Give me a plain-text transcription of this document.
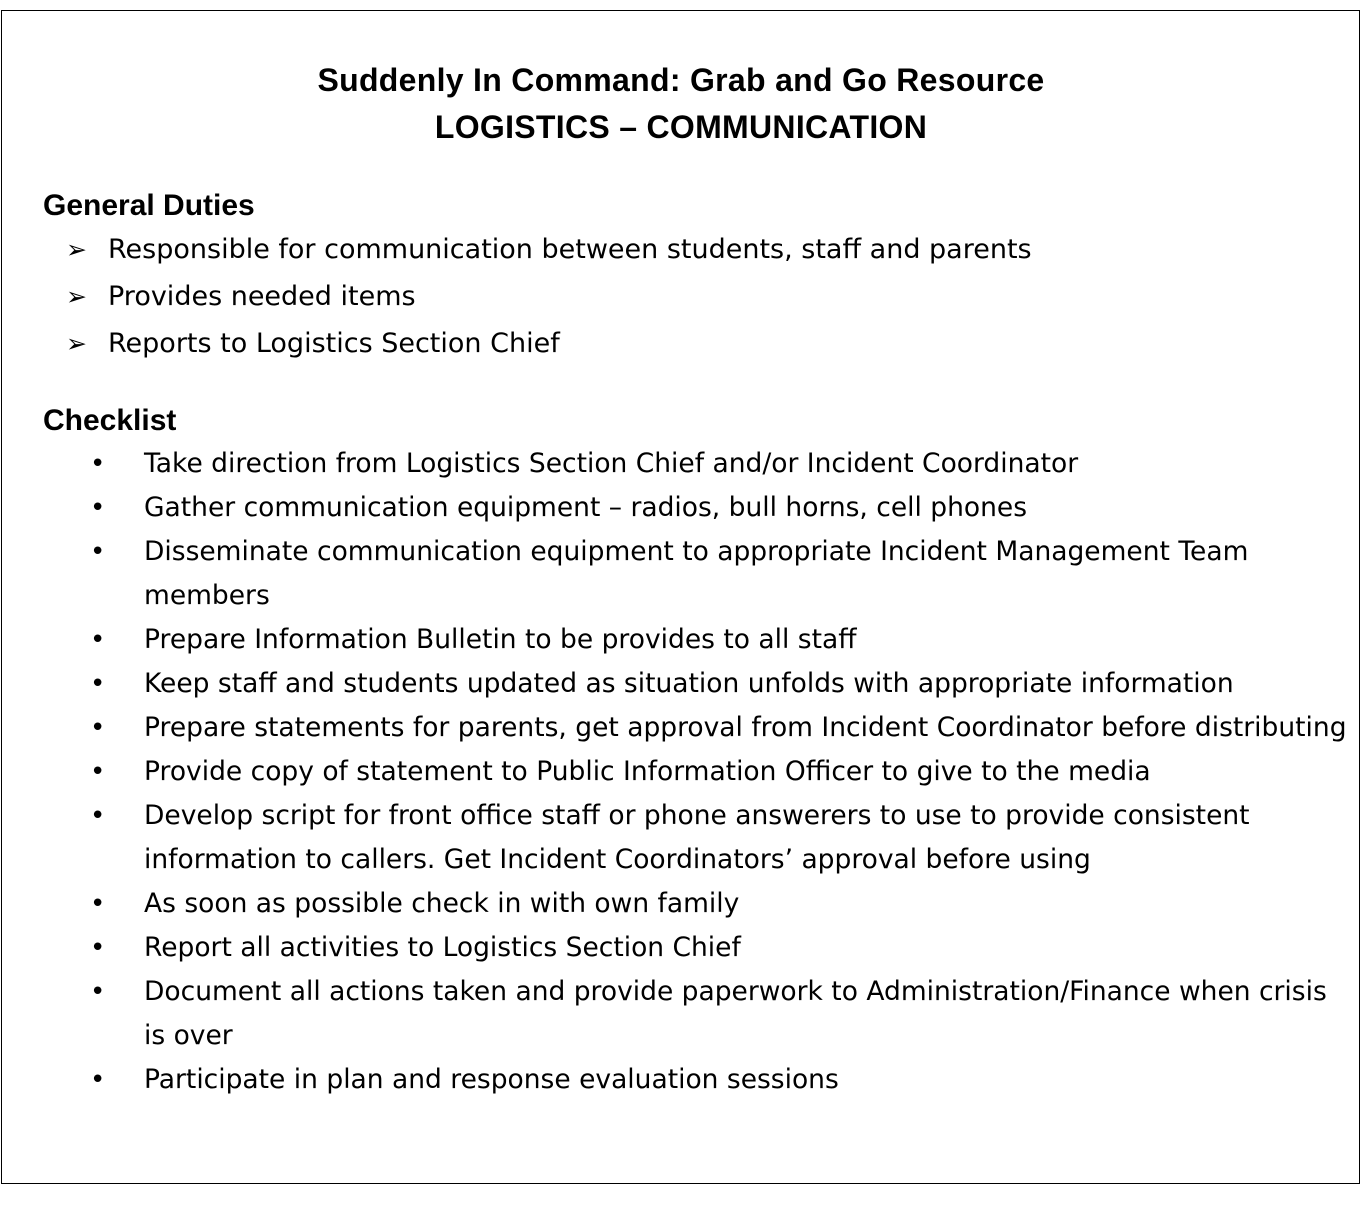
Suddenly In Command: Grab and Go Resource
LOGISTICS – COMMUNICATION
General Duties
➢ Responsible for communication between students, staff and parents
➢ Provides needed items
➢ Reports to Logistics Section Chief
Checklist
•	Take direction from Logistics Section Chief and/or Incident Coordinator
•	Gather communication equipment – radios, bull horns, cell phones
•	Disseminate communication equipment to appropriate Incident Management Team members
•	Prepare Information Bulletin to be provides to all staff
•	Keep staff and students updated as situation unfolds with appropriate information
•	Prepare statements for parents, get approval from Incident Coordinator before distributing
•	Provide copy of statement to Public Information Officer to give to the media
•	Develop script for front office staff or phone answerers to use to provide consistent information to callers. Get Incident Coordinators’ approval before using
•	As soon as possible check in with own family
•	Report all activities to Logistics Section Chief
•	Document all actions taken and provide paperwork to Administration/Finance when crisis is over
•	Participate in plan and response evaluation sessions
